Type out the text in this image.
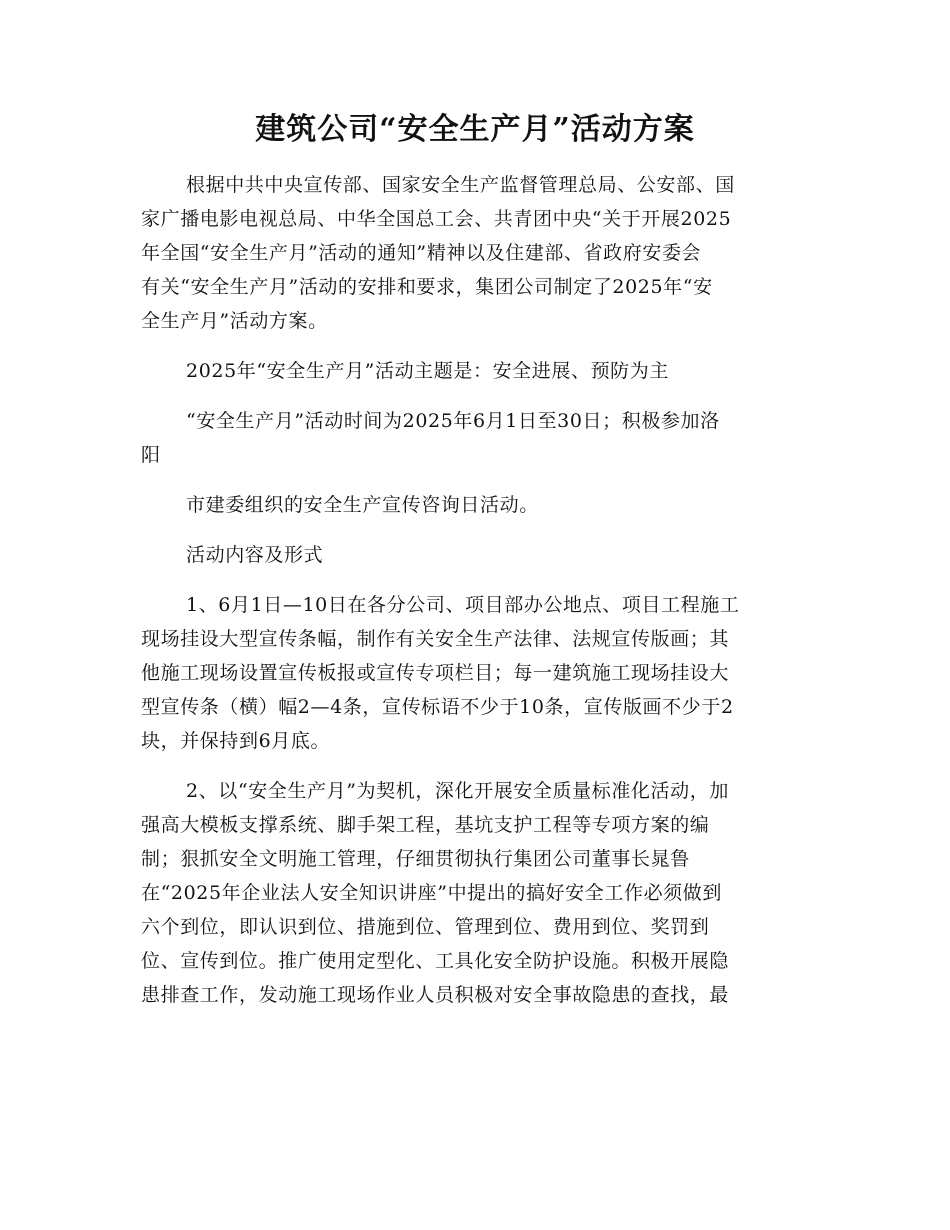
建筑公司“安全生产月”活动方案

根据中共中央宣传部、国家安全生产监督管理总局、公安部、国
家广播电影电视总局、中华全国总工会、共青团中央“关于开展2025
年全国“安全生产月”活动的通知”精神以及住建部、省政府安委会
有关“安全生产月”活动的安排和要求，集团公司制定了2025年“安
全生产月”活动方案。

2025年“安全生产月”活动主题是：安全进展、预防为主

“安全生产月”活动时间为2025年6月1日至30日；积极参加洛
阳

市建委组织的安全生产宣传咨询日活动。

活动内容及形式

1、6月1日—10日在各分公司、项目部办公地点、项目工程施工
现场挂设大型宣传条幅，制作有关安全生产法律、法规宣传版画；其
他施工现场设置宣传板报或宣传专项栏目；每一建筑施工现场挂设大
型宣传条（横）幅2—4条，宣传标语不少于10条，宣传版画不少于2
块，并保持到6月底。

2、以“安全生产月”为契机，深化开展安全质量标准化活动，加
强高大模板支撑系统、脚手架工程，基坑支护工程等专项方案的编
制；狠抓安全文明施工管理，仔细贯彻执行集团公司董事长晁鲁
在“2025年企业法人安全知识讲座”中提出的搞好安全工作必须做到
六个到位，即认识到位、措施到位、管理到位、费用到位、奖罚到
位、宣传到位。推广使用定型化、工具化安全防护设施。积极开展隐
患排查工作，发动施工现场作业人员积极对安全事故隐患的查找，最
